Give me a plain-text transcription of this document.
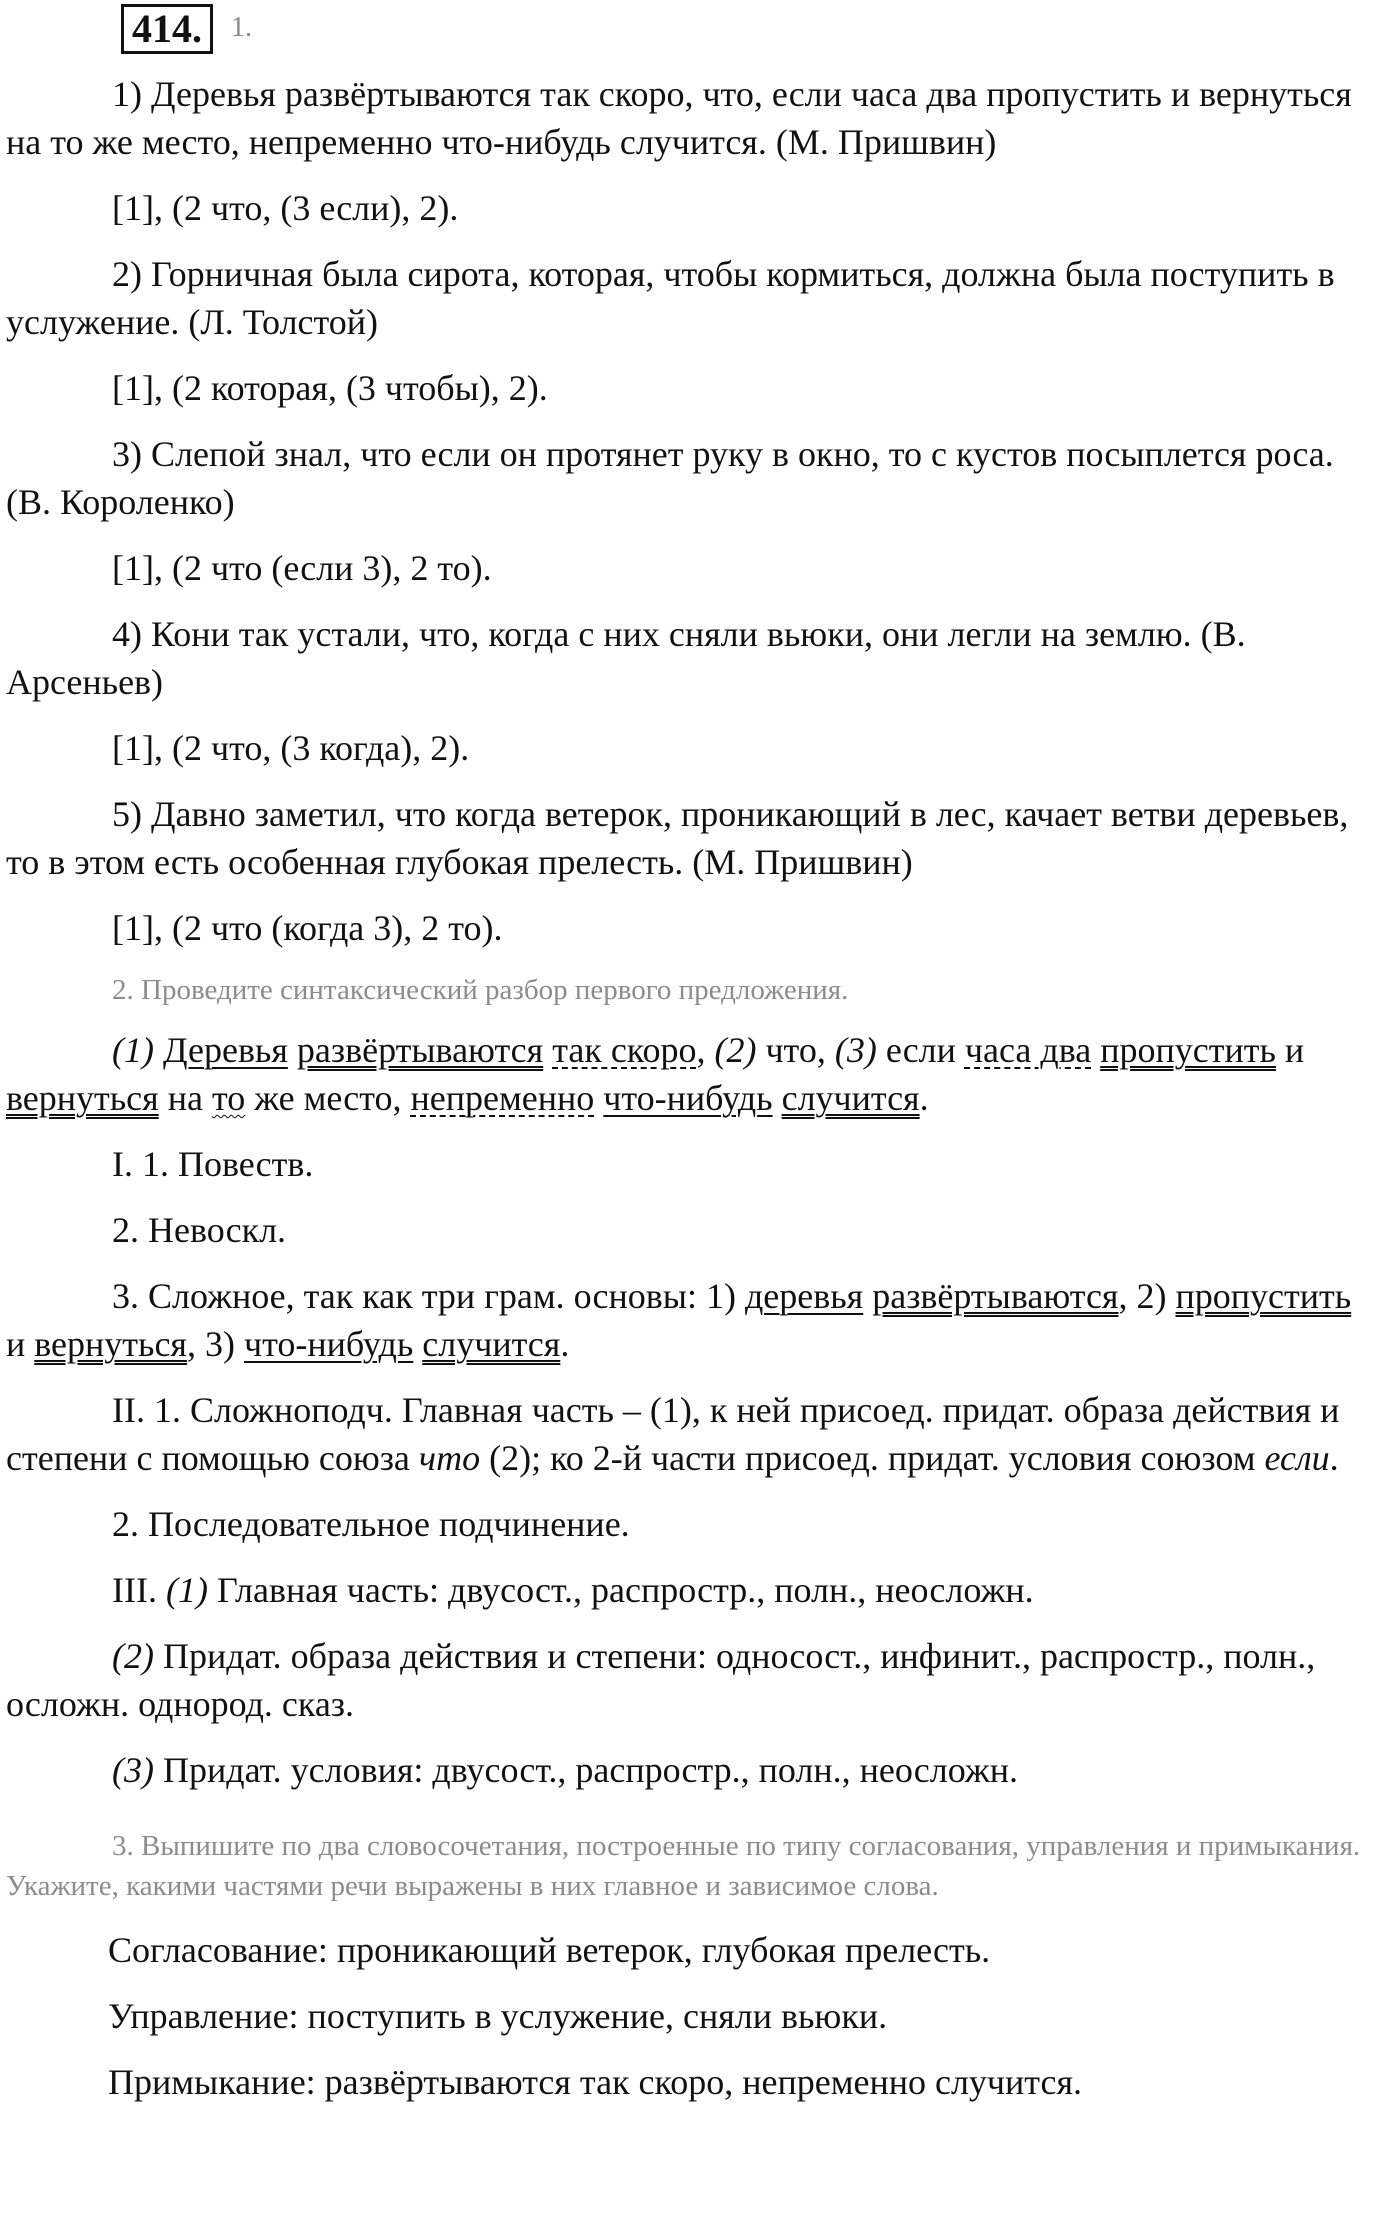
414. 1.

1) Деревья развёртываются так скоро, что, если часа два пропустить и вернуться на то же место, непременно что-нибудь случится. (М. Пришвин)

[1], (2 что, (3 если), 2).

2) Горничная была сирота, которая, чтобы кормиться, должна была поступить в услужение. (Л. Толстой)

[1], (2 которая, (3 чтобы), 2).

3) Слепой знал, что если он протянет руку в окно, то с кустов посыплется роса. (В. Короленко)

[1], (2 что (если 3), 2 то).

4) Кони так устали, что, когда с них сняли вьюки, они легли на землю. (В. Арсеньев)

[1], (2 что, (3 когда), 2).

5) Давно заметил, что когда ветерок, проникающий в лес, качает ветви деревьев, то в этом есть особенная глубокая прелесть. (М. Пришвин)

[1], (2 что (когда 3), 2 то).

2. Проведите синтаксический разбор первого предложения.

(1) Деревья развёртываются так скоро, (2) что, (3) если часа два пропустить и вернуться на то же место, непременно что-нибудь случится.

I. 1. Повеств.

2. Невоскл.

3. Сложное, так как три грам. основы: 1) деревья развёртываются, 2) пропустить и вернуться, 3) что-нибудь случится.

II. 1. Сложноподч. Главная часть – (1), к ней присоед. придат. образа действия и степени с помощью союза что (2); ко 2-й части присоед. придат. условия союзом если.

2. Последовательное подчинение.

III. (1) Главная часть: двусост., распростр., полн., неосложн.

(2) Придат. образа действия и степени: односост., инфинит., распростр., полн., осложн. однород. сказ.

(3) Придат. условия: двусост., распростр., полн., неосложн.

3. Выпишите по два словосочетания, построенные по типу согласования, управления и примыкания. Укажите, какими частями речи выражены в них главное и зависимое слова.

Согласование: проникающий ветерок, глубокая прелесть.

Управление: поступить в услужение, сняли вьюки.

Примыкание: развёртываются так скоро, непременно случится.
